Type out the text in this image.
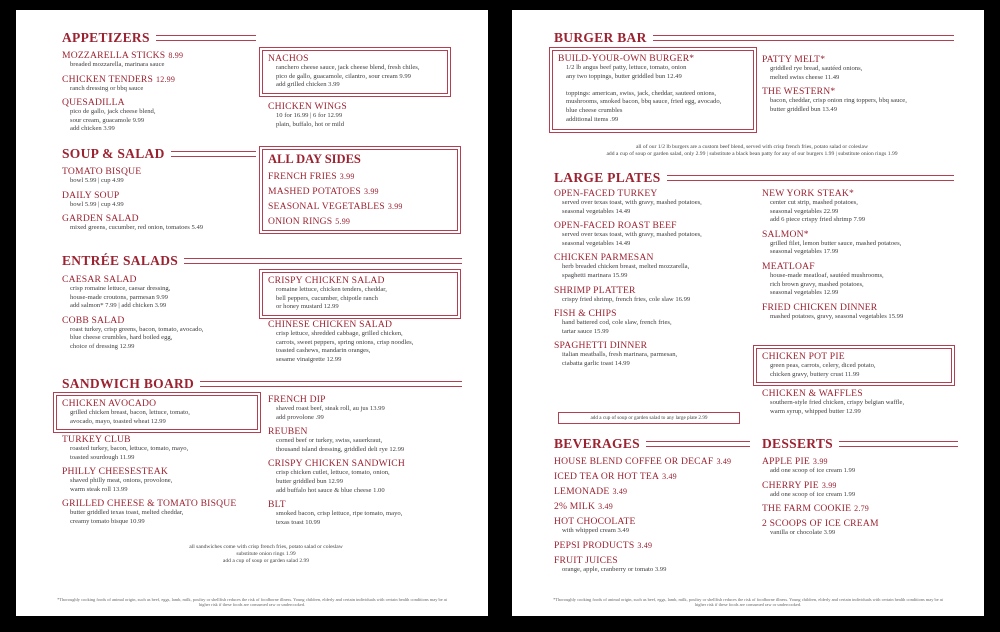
APPETIZERS
MOZZARELLA STICKS 8.99
breaded mozzarella, marinara sauce
CHICKEN TENDERS 12.99
ranch dressing or bbq sauce
QUESADILLA
pico de gallo, jack cheese blend,
sour cream, guacamole 9.99
add chicken 3.99
NACHOS
ranchero cheese sauce, jack cheese blend, fresh chiles,
pico de gallo, guacamole, cilantro, sour cream 9.99
add grilled chicken 3.99
CHICKEN WINGS
10 for 16.99 | 6 for 12.99
plain, buffalo, hot or mild
SOUP & SALAD
TOMATO BISQUE
bowl 5.99 | cup 4.99
DAILY SOUP
bowl 5.99 | cup 4.99
GARDEN SALAD
mixed greens, cucumber, red onion, tomatoes 5.49
ALL DAY SIDES
FRENCH FRIES 3.99
MASHED POTATOES 3.99
SEASONAL VEGETABLES 3.99
ONION RINGS 5.99
ENTRÉE SALADS
CAESAR SALAD
crisp romaine lettuce, caesar dressing,
house-made croutons, parmesan 9.99
add salmon* 7.99 | add chicken 3.99
COBB SALAD
roast turkey, crisp greens, bacon, tomato, avocado,
blue cheese crumbles, hard boiled egg,
choice of dressing 12.99
CRISPY CHICKEN SALAD
romaine lettuce, chicken tenders, cheddar,
bell peppers, cucumber, chipotle ranch
or honey mustard 12.99
CHINESE CHICKEN SALAD
crisp lettuce, shredded cabbage, grilled chicken,
carrots, sweet peppers, spring onions, crisp noodles,
toasted cashews, mandarin oranges,
sesame vinaigrette 12.99
SANDWICH BOARD
CHICKEN AVOCADO
grilled chicken breast, bacon, lettuce, tomato,
avocado, mayo, toasted wheat 12.99
TURKEY CLUB
roasted turkey, bacon, lettuce, tomato, mayo,
toasted sourdough 11.99
PHILLY CHEESESTEAK
shaved philly meat, onions, provolone,
warm steak roll 13.99
GRILLED CHEESE & TOMATO BISQUE
butter griddled texas toast, melted cheddar,
creamy tomato bisque 10.99
FRENCH DIP
shaved roast beef, steak roll, au jus 13.99
add provolone .99
REUBEN
corned beef or turkey, swiss, sauerkraut,
thousand island dressing, griddled deli rye 12.99
CRISPY CHICKEN SANDWICH
crisp chicken cutlet, lettuce, tomato, onion,
butter griddled bun 12.99
add buffalo hot sauce & blue cheese 1.00
BLT
smoked bacon, crisp lettuce, ripe tomato, mayo,
texas toast 10.99
all sandwiches come with crisp french fries, potato salad or coleslaw
substitute onion rings 1.99
add a cup of soup or garden salad 2.99
*Thoroughly cooking foods of animal origin, such as beef, eggs, lamb, milk, poultry or shellfish reduces the risk of foodborne illness. Young children, elderly and certain individuals with certain health conditions may be at higher risk if these foods are consumed raw or undercooked.
BURGER BAR
BUILD-YOUR-OWN BURGER*
1/2 lb angus beef patty, lettuce, tomato, onion
any two toppings, butter griddled bun 12.49

toppings: american, swiss, jack, cheddar, sauteed onions,
mushrooms, smoked bacon, bbq sauce, fried egg, avocado,
blue cheese crumbles
additional items .99
PATTY MELT*
griddled rye bread, sautéed onions,
melted swiss cheese 11.49
THE WESTERN*
bacon, cheddar, crisp onion ring toppers, bbq sauce,
butter griddled bun 13.49
all of our 1/2 lb burgers are a custom beef blend, served with crisp french fries, potato salad or coleslaw
add a cup of soup or garden salad, only 2.99 | substitute a black bean patty for any of our burgers 1.99 | substitute onion rings 1.99
LARGE PLATES
OPEN-FACED TURKEY
served over texas toast, with gravy, mashed potatoes,
seasonal vegetables 14.49
OPEN-FACED ROAST BEEF
served over texas toast, with gravy, mashed potatoes,
seasonal vegetables 14.49
CHICKEN PARMESAN
herb breaded chicken breast, melted mozzarella,
spaghetti marinara 15.99
SHRIMP PLATTER
crispy fried shrimp, french fries, cole slaw 16.99
FISH & CHIPS
hand battered cod, cole slaw, french fries,
tartar sauce 15.99
SPAGHETTI DINNER
italian meatballs, fresh marinara, parmesan,
ciabatta garlic toast 14.99
NEW YORK STEAK*
center cut strip, mashed potatoes,
seasonal vegetables 22.99
add 6 piece crispy fried shrimp 7.99
SALMON*
grilled filet, lemon butter sauce, mashed potatoes,
seasonal vegetables 17.99
MEATLOAF
house-made meatloaf, sautéed mushrooms,
rich brown gravy, mashed potatoes,
seasonal vegetables 12.99
FRIED CHICKEN DINNER
mashed potatoes, gravy, seasonal vegetables 15.99
CHICKEN POT PIE
green peas, carrots, celery, diced potato,
chicken gravy, buttery crust 11.99
CHICKEN & WAFFLES
southern-style fried chicken, crispy belgian waffle,
warm syrup, whipped butter 12.99
add a cup of soup or garden salad to any large plate 2.99
BEVERAGES
HOUSE BLEND COFFEE OR DECAF 3.49
ICED TEA OR HOT TEA 3.49
LEMONADE 3.49
2% MILK 3.49
HOT CHOCOLATE
with whipped cream 3.49
PEPSI PRODUCTS 3.49
FRUIT JUICES
orange, apple, cranberry or tomato 3.99
DESSERTS
APPLE PIE 3.99
add one scoop of ice cream 1.99
CHERRY PIE 3.99
add one scoop of ice cream 1.99
THE FARM COOKIE 2.79
2 SCOOPS OF ICE CREAM
vanilla or chocolate 3.99
*Thoroughly cooking foods of animal origin, such as beef, eggs, lamb, milk, poultry or shellfish reduces the risk of foodborne illness. Young children, elderly and certain individuals with certain health conditions may be at higher risk if these foods are consumed raw or undercooked.
